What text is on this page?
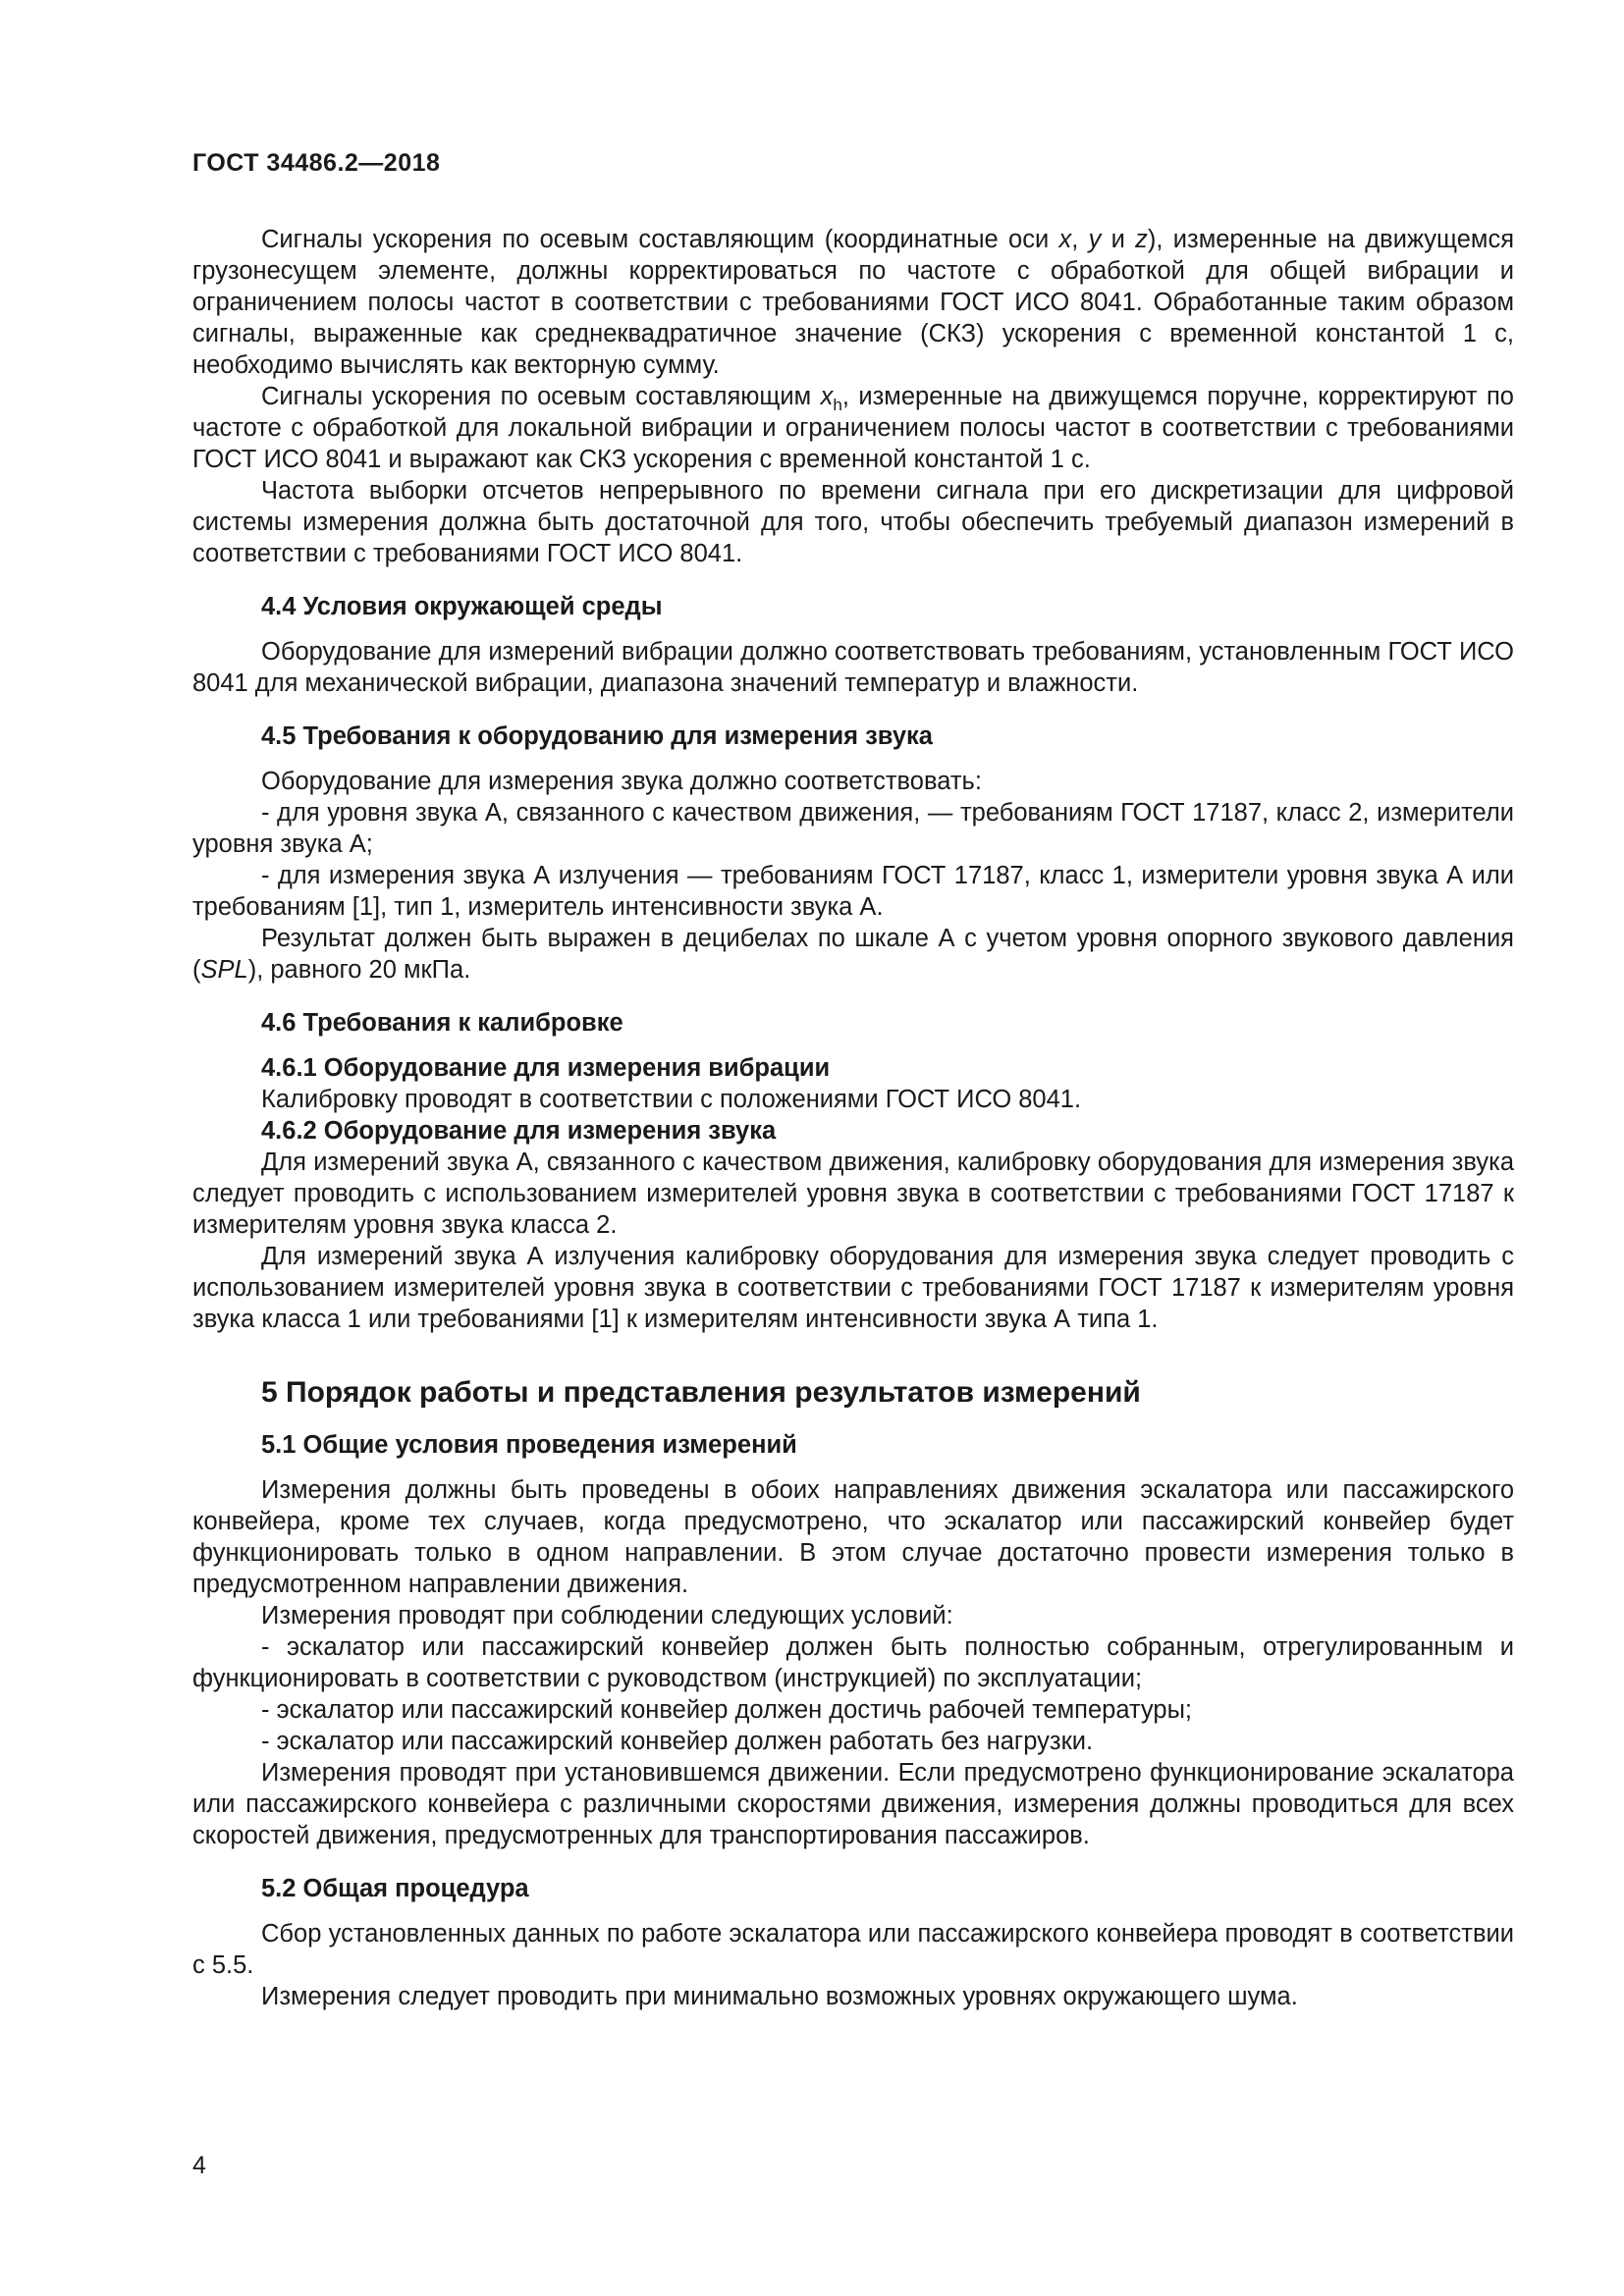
ГОСТ 34486.2—2018

Сигналы ускорения по осевым составляющим (координатные оси x, y и z), измеренные на движущемся грузонесущем элементе, должны корректироваться по частоте с обработкой для общей вибрации и ограничением полосы частот в соответствии с требованиями ГОСТ ИСО 8041. Обработанные таким образом сигналы, выраженные как среднеквадратичное значение (СКЗ) ускорения с временной константой 1 с, необходимо вычислять как векторную сумму.

Сигналы ускорения по осевым составляющим $x_h$, измеренные на движущемся поручне, корректируют по частоте с обработкой для локальной вибрации и ограничением полосы частот в соответствии с требованиями ГОСТ ИСО 8041 и выражают как СКЗ ускорения с временной константой 1 с.

Частота выборки отсчетов непрерывного по времени сигнала при его дискретизации для цифровой системы измерения должна быть достаточной для того, чтобы обеспечить требуемый диапазон измерений в соответствии с требованиями ГОСТ ИСО 8041.

4.4 Условия окружающей среды

Оборудование для измерений вибрации должно соответствовать требованиям, установленным ГОСТ ИСО 8041 для механической вибрации, диапазона значений температур и влажности.

4.5 Требования к оборудованию для измерения звука

Оборудование для измерения звука должно соответствовать:

- для уровня звука А, связанного с качеством движения, — требованиям ГОСТ 17187, класс 2, измерители уровня звука А;

- для измерения звука А излучения — требованиям ГОСТ 17187, класс 1, измерители уровня звука А или требованиям [1], тип 1, измеритель интенсивности звука А.

Результат должен быть выражен в децибелах по шкале А с учетом уровня опорного звукового давления (SPL), равного 20 мкПа.

4.6 Требования к калибровке
4.6.1 Оборудование для измерения вибрации

Калибровку проводят в соответствии с положениями ГОСТ ИСО 8041.

4.6.2 Оборудование для измерения звука

Для измерений звука А, связанного с качеством движения, калибровку оборудования для измерения звука следует проводить с использованием измерителей уровня звука в соответствии с требованиями ГОСТ 17187 к измерителям уровня звука класса 2.

Для измерений звука А излучения калибровку оборудования для измерения звука следует проводить с использованием измерителей уровня звука в соответствии с требованиями ГОСТ 17187 к измерителям уровня звука класса 1 или требованиями [1] к измерителям интенсивности звука А типа 1.

5 Порядок работы и представления результатов измерений
5.1 Общие условия проведения измерений

Измерения должны быть проведены в обоих направлениях движения эскалатора или пассажирского конвейера, кроме тех случаев, когда предусмотрено, что эскалатор или пассажирский конвейер будет функционировать только в одном направлении. В этом случае достаточно провести измерения только в предусмотренном направлении движения.

Измерения проводят при соблюдении следующих условий:

- эскалатор или пассажирский конвейер должен быть полностью собранным, отрегулированным и функционировать в соответствии с руководством (инструкцией) по эксплуатации;

- эскалатор или пассажирский конвейер должен достичь рабочей температуры;

- эскалатор или пассажирский конвейер должен работать без нагрузки.

Измерения проводят при установившемся движении. Если предусмотрено функционирование эскалатора или пассажирского конвейера с различными скоростями движения, измерения должны проводиться для всех скоростей движения, предусмотренных для транспортирования пассажиров.

5.2 Общая процедура

Сбор установленных данных по работе эскалатора или пассажирского конвейера проводят в соответствии с 5.5.

Измерения следует проводить при минимально возможных уровнях окружающего шума.

4
